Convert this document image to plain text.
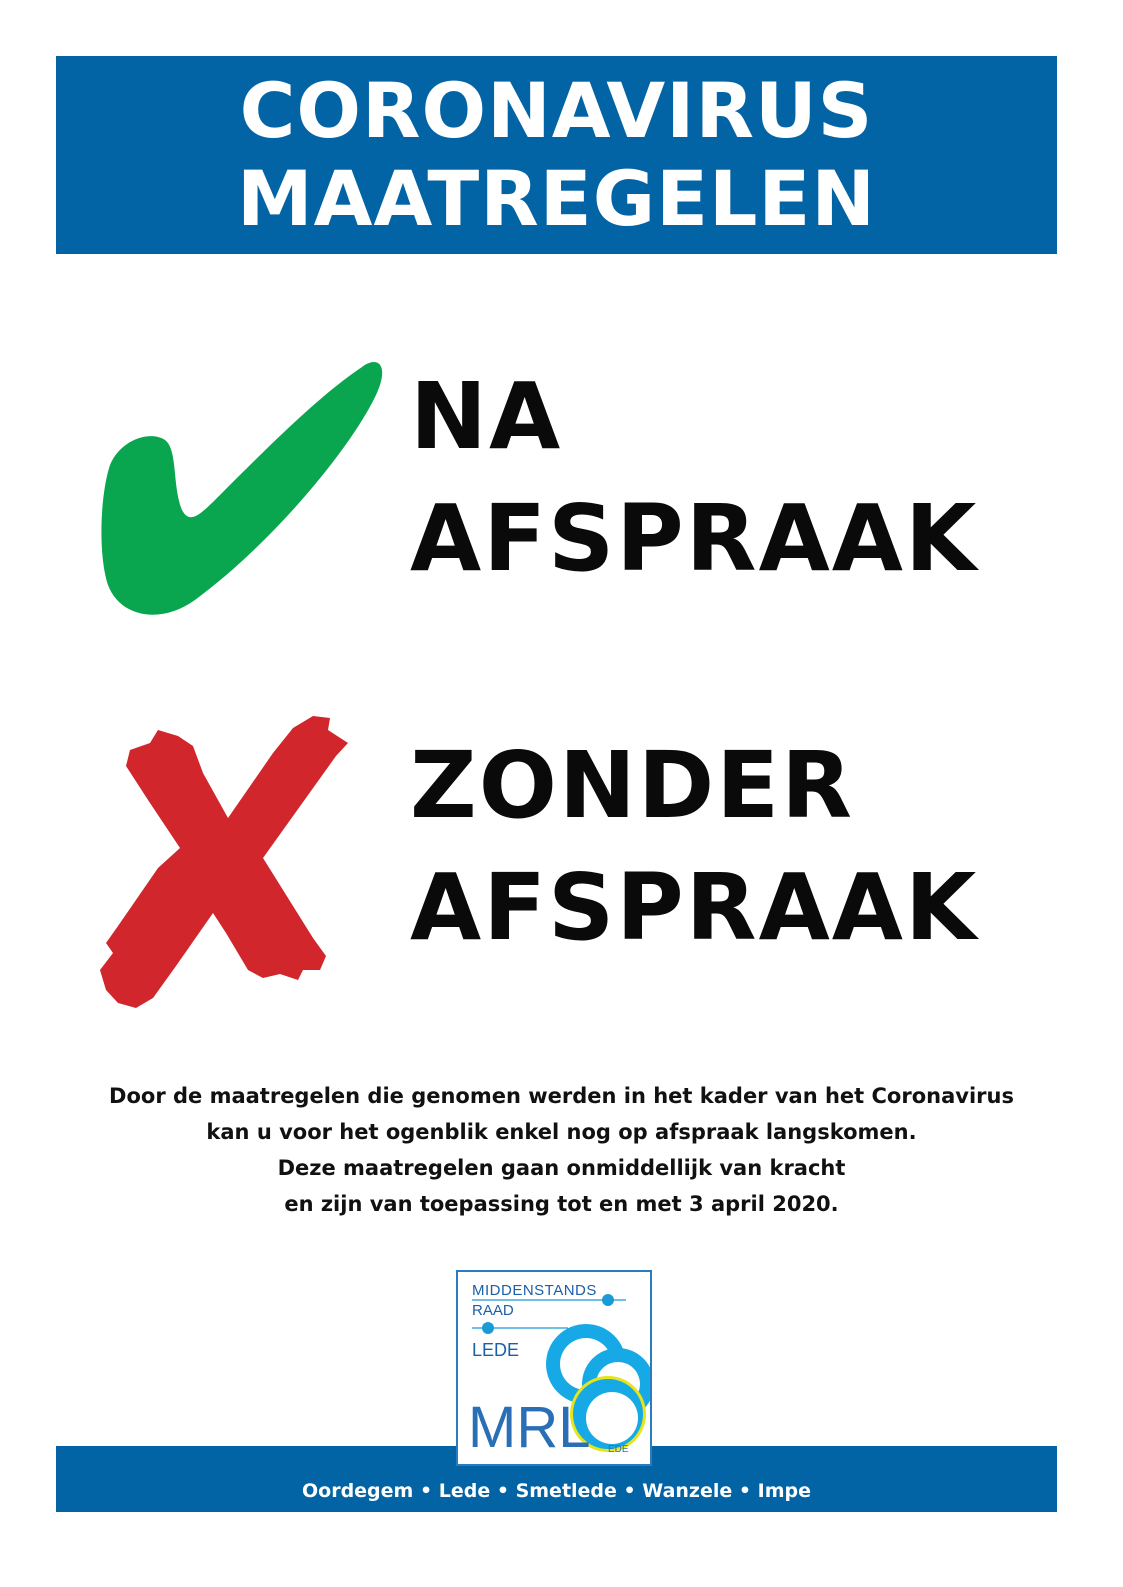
CORONAVIRUS
MAATREGELEN
NA
AFSPRAAK
ZONDER
AFSPRAAK
Door de maatregelen die genomen werden in het kader van het Coronavirus
kan u voor het ogenblik enkel nog op afspraak langskomen.
Deze maatregelen gaan onmiddellijk van kracht
en zijn van toepassing tot en met 3 april 2020.
MIDDENSTANDS
RAAD
LEDE
MRL EDE
Oordegem • Lede • Smetlede • Wanzele • Impe
